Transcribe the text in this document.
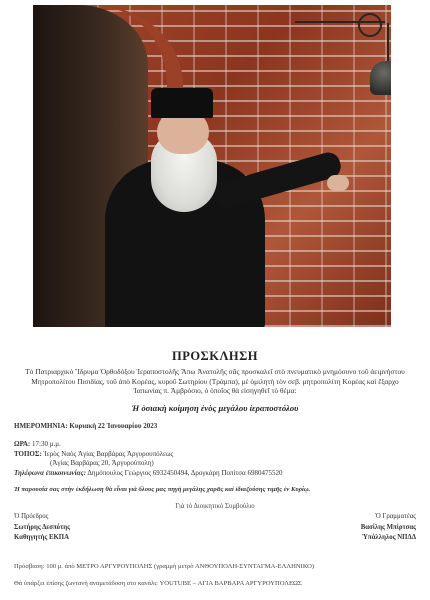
ΠΡΟΣΚΛΗΣΗ
Τὸ Πατριαρχικὸ Ἵδρυμα Ὀρθοδόξου Ἱεραποστολῆς Ἄπω Ἀνατολῆς σᾶς προσκαλεῖ στὸ πνευματικὸ μνημόσυνο τοῦ ἀειμνήστου Μητροπολίτου Πισιδίας, τοῦ ἀπὸ Κορέας, κυροῦ Σωτηρίου (Τράμπα), μὲ ὁμιλητὴ τὸν σεβ. μητροπολίτη Κορέας καὶ ἔξαρχο Ἰαπωνίας π. Ἀμβρόσιο, ὁ ὁποῖος θὰ εἰσηγηθεῖ τὸ θέμα:
Ἡ ὁσιακὴ κοίμηση ἑνὸς μεγάλου ἱεραποστόλου
ΗΜΕΡΟΜΗΝΙΑ: Κυριακὴ 22 Ἰανουαρίου 2023
ΩΡΑ: 17:30 μ.μ.
ΤΟΠΟΣ: Ἱερὸς Ναὸς Ἁγίας Βαρβάρας Ἀργυρουπόλεως
(Ἁγίας Βαρβάρας 20, Ἀργυρούπολη)
Τηλέφωνα ἐπικοινωνίας: Δημόπουλος Γεώργιος 6932450494, Δρογκάρη Ποπίτσα 6980475520
Ἡ παρουσία σας στὴν ἐκδήλωση θὰ εἶναι γιὰ ὅλους μας πηγὴ μεγάλης χαρᾶς καὶ ἰδιαζούσης τιμῆς ἐν Κυρίῳ.
Γιὰ τὸ Διοικητικὸ Συμβούλιο
Ὁ Πρόεδρος
Σωτήρης Δεσπότης
Καθηγητὴς ΕΚΠΑ
Ὁ Γραμματέας
Βασίλης Μπίρτσας
Ὑπάλληλος ΝΠΔΔ
Πρόσβαση: 100 μ. ἀπὸ ΜΕΤΡΟ ΑΡΓΥΡΟΥΠΟΛΗΣ (γραμμὴ μετρὸ ΑΝΘΟΥΠΟΛΗ-ΣΥΝΤΑΓΜΑ-ΕΛΛΗΝΙΚΟ)
Θὰ ὑπάρξει ἐπίσης ζωντανὴ αναμετάδοση στο κανάλι: YOUTUBE – ΑΓΙΑ ΒΑΡΒΑΡΑ ΑΡΓΥΡΟΥΠΟΛΕΩΣ
